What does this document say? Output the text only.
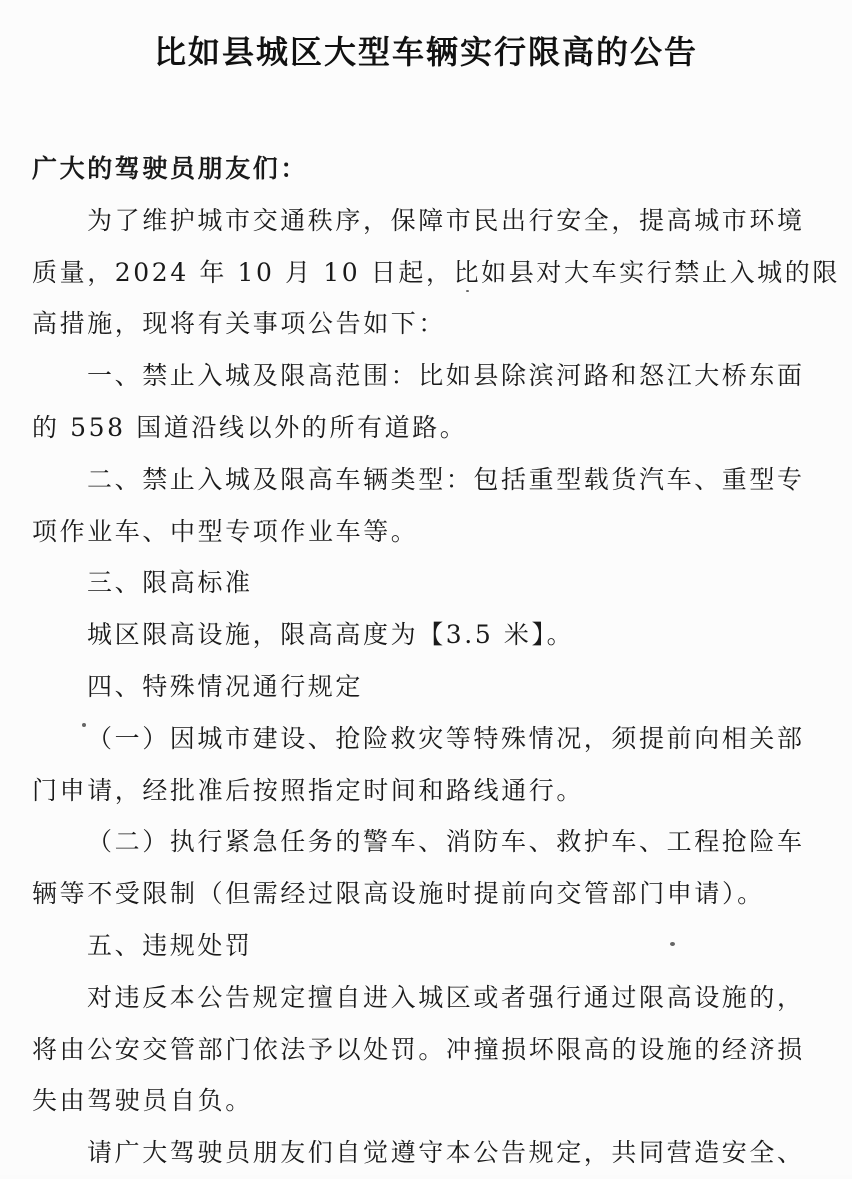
比如县城区大型车辆实行限高的公告
广大的驾驶员朋友们：
为了维护城市交通秩序，保障市民出行安全，提高城市环境
质量，2024 年 10 月 10 日起，比如县对大车实行禁止入城的限
高措施，现将有关事项公告如下：
一、禁止入城及限高范围：比如县除滨河路和怒江大桥东面
的 558 国道沿线以外的所有道路。
二、禁止入城及限高车辆类型：包括重型载货汽车、重型专
项作业车、中型专项作业车等。
三、限高标准
城区限高设施，限高高度为【3.5 米】。
四、特殊情况通行规定
（一）因城市建设、抢险救灾等特殊情况，须提前向相关部
门申请，经批准后按照指定时间和路线通行。
（二）执行紧急任务的警车、消防车、救护车、工程抢险车
辆等不受限制（但需经过限高设施时提前向交管部门申请）。
五、违规处罚
对违反本公告规定擅自进入城区或者强行通过限高设施的，
将由公安交管部门依法予以处罚。冲撞损坏限高的设施的经济损
失由驾驶员自负。
请广大驾驶员朋友们自觉遵守本公告规定，共同营造安全、
